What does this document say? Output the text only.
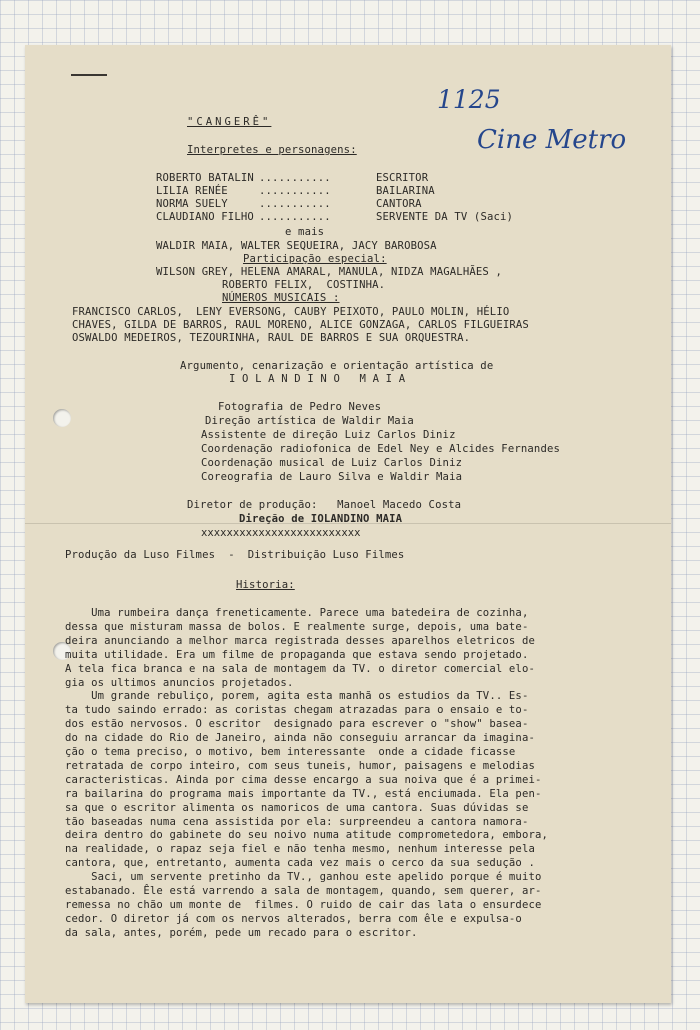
1125
Cine Metro
"CANGERÊ"
Interpretes e personagens:
ROBERTO BATALIN ...........	ESCRITOR
LILIA RENÉE	...........	BAILARINA
NORMA SUELY	...........	CANTORA
CLAUDIANO FILHO ...........	SERVENTE DA TV (Saci)
e mais
WALDIR MAIA, WALTER SEQUEIRA, JACY BAROBOSA
Participação especial:
WILSON GREY, HELENA AMARAL, MANULA, NIDZA MAGALHÃES ,
ROBERTO FELIX,  COSTINHA.
NÚMEROS MUSICAIS :
FRANCISCO CARLOS,  LENY EVERSONG, CAUBY PEIXOTO, PAULO MOLIN, HÉLIO
CHAVES, GILDA DE BARROS, RAUL MORENO, ALICE GONZAGA, CARLOS FILGUEIRAS
OSWALDO MEDEIROS, TEZOURINHA, RAUL DE BARROS E SUA ORQUESTRA.
Argumento, cenarização e orientação artística de
I O L A N D I N O   M A I A
Fotografia de Pedro Neves
Direção artística de Waldir Maia
Assistente de direção Luiz Carlos Diniz
Coordenação radiofonica de Edel Ney e Alcides Fernandes
Coordenação musical de Luiz Carlos Diniz
Coreografia de Lauro Silva e Waldir Maia
Diretor de produção:   Manoel Macedo Costa
Direção de IOLANDINO MAIA
xxxxxxxxxxxxxxxxxxxxxxxxx
Produção da Luso Filmes  -  Distribuição Luso Filmes
Historia:
Uma rumbeira dança freneticamente. Parece uma batedeira de cozinha,
dessa que misturam massa de bolos. E realmente surge, depois, uma bate-
deira anunciando a melhor marca registrada desses aparelhos eletricos de
muita utilidade. Era um filme de propaganda que estava sendo projetado.
A tela fica branca e na sala de montagem da TV. o diretor comercial elo-
gia os ultimos anuncios projetados.
Um grande rebuliço, porem, agita esta manhã os estudios da TV.. Es-
ta tudo saindo errado: as coristas chegam atrazadas para o ensaio e to-
dos estão nervosos. O escritor  designado para escrever o "show" basea-
do na cidade do Rio de Janeiro, ainda não conseguiu arrancar da imagina-
ção o tema preciso, o motivo, bem interessante  onde a cidade ficasse
retratada de corpo inteiro, com seus tuneis, humor, paisagens e melodias
caracteristicas. Ainda por cima desse encargo a sua noiva que é a primei-
ra bailarina do programa mais importante da TV., está enciumada. Ela pen-
sa que o escritor alimenta os namoricos de uma cantora. Suas dúvidas se
tão baseadas numa cena assistida por ela: surpreendeu a cantora namora-
deira dentro do gabinete do seu noivo numa atitude comprometedora, embora,
na realidade, o rapaz seja fiel e não tenha mesmo, nenhum interesse pela
cantora, que, entretanto, aumenta cada vez mais o cerco da sua sedução .
Saci, um servente pretinho da TV., ganhou este apelido porque é muito
estabanado. Êle está varrendo a sala de montagem, quando, sem querer, ar-
remessa no chão um monte de  filmes. O ruido de cair das lata o ensurdece
cedor. O diretor já com os nervos alterados, berra com êle e expulsa-o
da sala, antes, porém, pede um recado para o escritor.
